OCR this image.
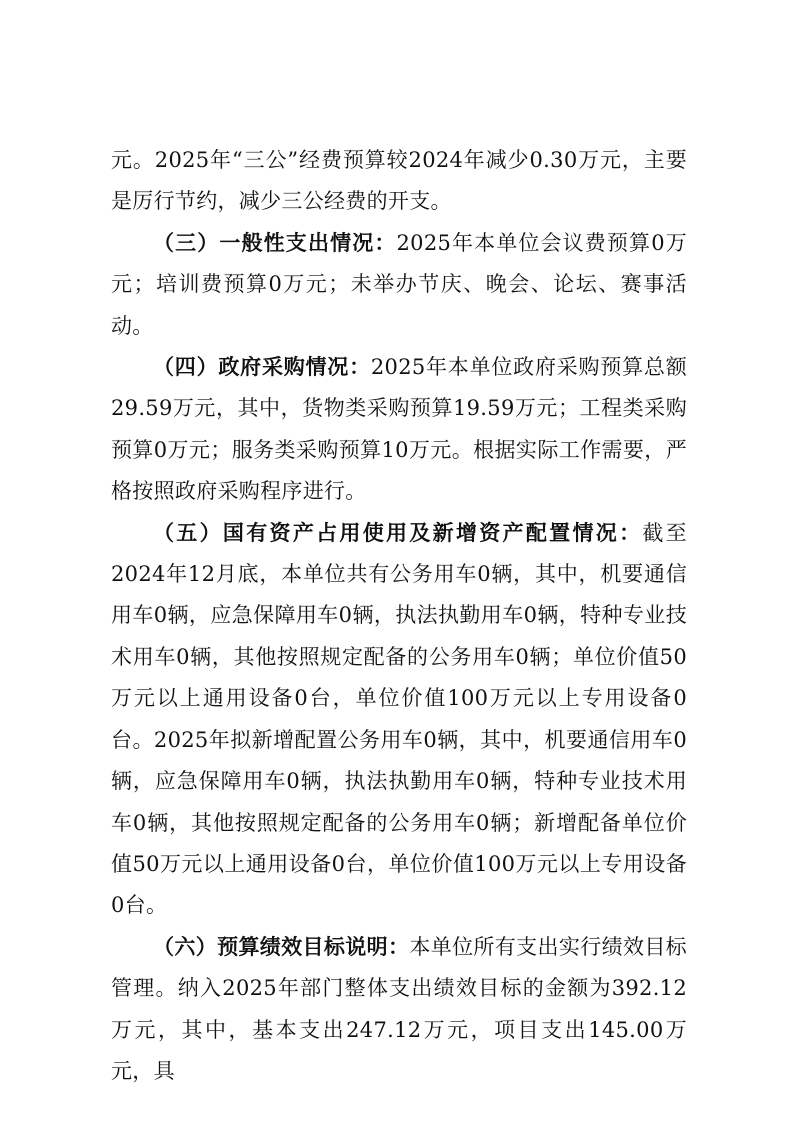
元。2025年“三公”经费预算较2024年减少0.30万元，主要是厉行节约，减少三公经费的开支。

（三）一般性支出情况：2025年本单位会议费预算0万元；培训费预算0万元；未举办节庆、晚会、论坛、赛事活动。

（四）政府采购情况：2025年本单位政府采购预算总额29.59万元，其中，货物类采购预算19.59万元；工程类采购预算0万元；服务类采购预算10万元。根据实际工作需要，严格按照政府采购程序进行。

（五）国有资产占用使用及新增资产配置情况：截至2024年12月底，本单位共有公务用车0辆，其中，机要通信用车0辆，应急保障用车0辆，执法执勤用车0辆，特种专业技术用车0辆，其他按照规定配备的公务用车0辆；单位价值50万元以上通用设备0台，单位价值100万元以上专用设备0台。2025年拟新增配置公务用车0辆，其中，机要通信用车0辆，应急保障用车0辆，执法执勤用车0辆，特种专业技术用车0辆，其他按照规定配备的公务用车0辆；新增配备单位价值50万元以上通用设备0台，单位价值100万元以上专用设备0台。

（六）预算绩效目标说明：本单位所有支出实行绩效目标管理。纳入2025年部门整体支出绩效目标的金额为392.12万元，其中，基本支出247.12万元，项目支出145.00万元，具
